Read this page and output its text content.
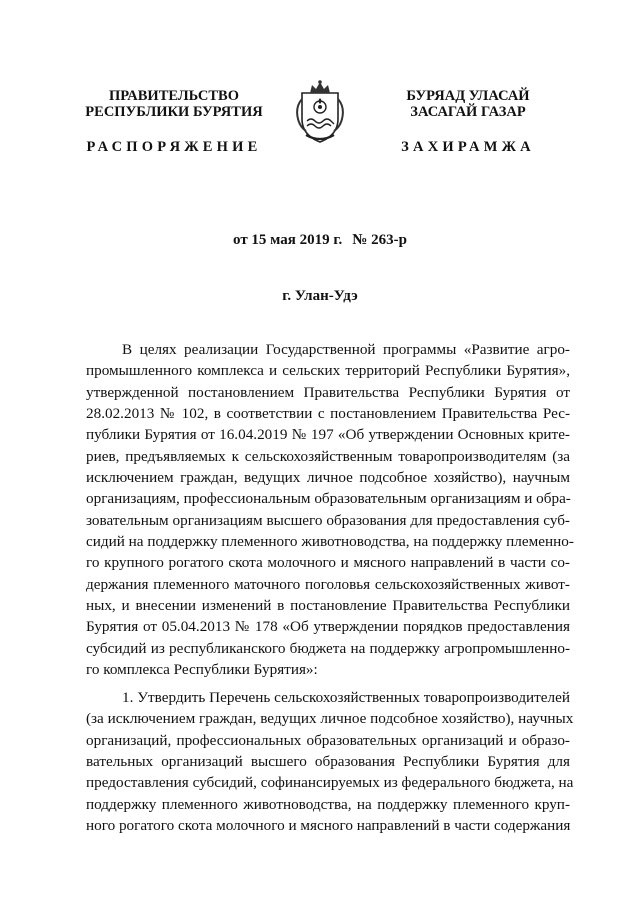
ПРАВИТЕЛЬСТВО
РЕСПУБЛИКИ БУРЯТИЯ
БУРЯАД УЛАСАЙ
ЗАСАГАЙ ГАЗАР
РАСПОРЯЖЕНИЕ	ЗАХИРАМЖА
от 15 мая 2019 г. № 263-р
г. Улан-Удэ
В целях реализации Государственной программы «Развитие агро-
промышленного комплекса и сельских территорий Республики Бурятия»,
утвержденной постановлением Правительства Республики Бурятия от
28.02.2013 № 102, в соответствии с постановлением Правительства Рес-
публики Бурятия от 16.04.2019 № 197 «Об утверждении Основных крите-
риев, предъявляемых к сельскохозяйственным товаропроизводителям (за
исключением граждан, ведущих личное подсобное хозяйство), научным
организациям, профессиональным образовательным организациям и обра-
зовательным организациям высшего образования для предоставления суб-
сидий на поддержку племенного животноводства, на поддержку племенно-
го крупного рогатого скота молочного и мясного направлений в части со-
держания племенного маточного поголовья сельскохозяйственных живот-
ных, и внесении изменений в постановление Правительства Республики
Бурятия от 05.04.2013 № 178 «Об утверждении порядков предоставления
субсидий из республиканского бюджета на поддержку агропромышленно-
го комплекса Республики Бурятия»:
1. Утвердить Перечень сельскохозяйственных товаропроизводителей
(за исключением граждан, ведущих личное подсобное хозяйство), научных
организаций, профессиональных образовательных организаций и образо-
вательных организаций высшего образования Республики Бурятия для
предоставления субсидий, софинансируемых из федерального бюджета, на
поддержку племенного животноводства, на поддержку племенного круп-
ного рогатого скота молочного и мясного направлений в части содержания
